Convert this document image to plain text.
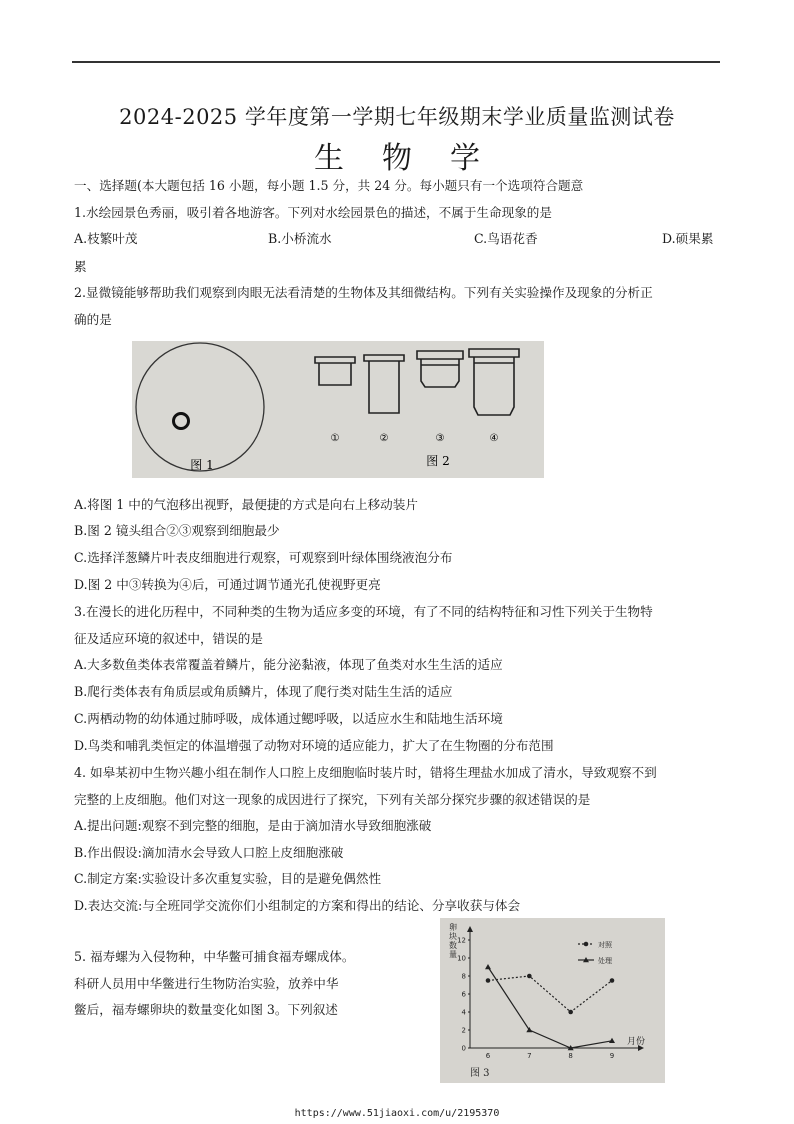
2024-2025 学年度第一学期七年级期末学业质量监测试卷
生物学
一、选择题(本大题包括 16 小题，每小题 1.5 分，共 24 分。每小题只有一个选项符合题意
1.水绘园景色秀丽，吸引着各地游客。下列对水绘园景色的描述，不属于生命现象的是
A.枝繁叶茂	B.小桥流水	C.鸟语花香	D.硕果累
累
2.显微镜能够帮助我们观察到肉眼无法看清楚的生物体及其细微结构。下列有关实验操作及现象的分析正
确的是
图 1
①	②	③	④
图 2
A.将图 1 中的气泡移出视野，最便捷的方式是向右上移动装片
B.图 2 镜头组合②③观察到细胞最少
C.选择洋葱鳞片叶表皮细胞进行观察，可观察到叶绿体围绕液泡分布
D.图 2 中③转换为④后，可通过调节通光孔使视野更亮
3.在漫长的进化历程中，不同种类的生物为适应多变的环境，有了不同的结构特征和习性下列关于生物特
征及适应环境的叙述中，错误的是
A.大多数鱼类体表常覆盖着鳞片，能分泌黏液，体现了鱼类对水生生活的适应
B.爬行类体表有角质层或角质鳞片，体现了爬行类对陆生生活的适应
C.两栖动物的幼体通过肺呼吸，成体通过鳃呼吸，以适应水生和陆地生活环境
D.鸟类和哺乳类恒定的体温增强了动物对环境的适应能力，扩大了在生物圈的分布范围
4. 如皋某初中生物兴趣小组在制作人口腔上皮细胞临时装片时，错将生理盐水加成了清水，导致观察不到
完整的上皮细胞。他们对这一现象的成因进行了探究，下列有关部分探究步骤的叙述错误的是
A.提出问题:观察不到完整的细胞，是由于滴加清水导致细胞涨破
B.作出假设:滴加清水会导致人口腔上皮细胞涨破
C.制定方案:实验设计多次重复实验，目的是避免偶然性
D.表达交流:与全班同学交流你们小组制定的方案和得出的结论、分享收获与体会
5. 福寿螺为入侵物种，中华鳖可捕食福寿螺成体。
科研人员用中华鳖进行生物防治实验，放养中华
鳖后，福寿螺卵块的数量变化如图 3。下列叙述
0
2
4
6
8
10
12
6	7	8	9
卵
块
数
量
月份
对照
处理
图 3
https://www.51jiaoxi.com/u/2195370
